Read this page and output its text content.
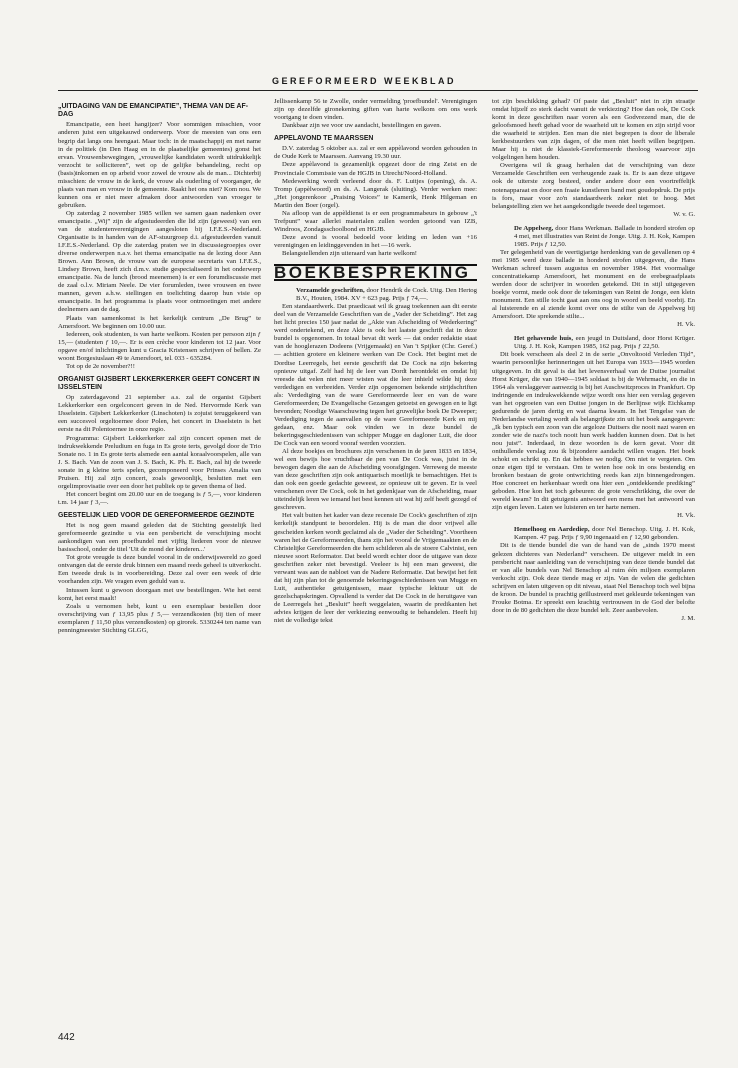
GEREFORMEERD WEEKBLAD
„UITDAGING VAN DE EMANCIPATIE”, THEMA VAN DE AF-DAG

Emancipatie, een heet hangijzer? Voor sommigen misschien, voor anderen juist een uitgekauwd onderwerp. Voor de meesten van ons een begrip dat langs ons heengaat. Maar toch: in de maatschappij en met name in de politiek (in Den Haag en in de plaatselijke gemeentes) gonst het ervan. Vrouwenbewegingen, „vrouwelijke kandidaten wordt uitdrukkelijk verzocht te solliciteren”, wet op de gelijke behandeling, recht op (basis)inkomen en op arbeid voor zowel de vrouw als de man... Dichterbij misschien: de vrouw in de kerk, de vrouw als ouderling of voorganger, de plaats van man en vrouw in de gemeente. Raakt het ons niet? Kom nou. We kunnen ons er niet meer afmaken door antwoorden van vroeger te gebruiken.

Op zaterdag 2 november 1985 willen we samen gaan nadenken over emancipatie. „Wij” zijn de afgestudeerden die lid zijn (geweest) van een van de studentenverenigingen aangesloten bij I.F.E.S.-Nederland. Organisatie is in handen van de AF-stuurgroep d.i. afgestudeerden vanuit I.F.E.S.-Nederland. Op die zaterdag praten we in discussiegroepjes over diverse onderwerpen n.a.v. het thema emancipatie na de lezing door Ann Brown. Ann Brown, de vrouw van de europese secretaris van I.F.E.S., Lindsey Brown, heeft zich d.m.v. studie gespecialiseerd in het onderwerp emancipatie. Na de lunch (brood meenemen) is er een forumdiscussie met de zaal o.l.v. Miriam Neele. De vier forumleden, twee vrouwen en twee mannen, geven a.h.w. stellingen en toelichting daarop hun visie op emancipatie. In het programma is plaats voor ontmoetingen met andere deelnemers aan de dag.

Plaats van samenkomst is het kerkelijk centrum „De Brug” te Amersfoort. We beginnen om 10.00 uur.

Iedereen, ook studenten, is van harte welkom. Kosten per persoon zijn ƒ 15,— (studenten ƒ 10,—. Er is een crèche voor kinderen tot 12 jaar. Voor opgave en/of inlichtingen kunt u Gracia Kristensen schrijven of bellen. Ze woont Borgesiuslaan 49 te Amersfoort, tel. 033 - 635284.

Tot op de 2e november?!!

ORGANIST GIJSBERT LEKKERKERKER GEEFT CONCERT IN IJSSELSTEIN

Op zaterdagavond 21 september a.s. zal de organist Gijsbert Lekkerkerker een orgelconcert geven in de Ned. Hervormde Kerk van IJsselstein. Gijsbert Lekkerkerker (Linschoten) is zojuist teruggekeerd van een succesvol orgeltoernee door Polen, het concert in IJsselstein is het eerste na dit Polentoernee in onze regio.

Programma: Gijsbert Lekkerkerker zal zijn concert openen met de indrukwekkende Preludium en fuga in Es grote terts, gevolgd door de Trio Sonate no. 1 in Es grote terts alsmede een aantal koraalvoorspelen, alle van J. S. Bach. Van de zoon van J. S. Bach, K. Ph. E. Bach, zal hij de tweede sonate in g kleine terts spelen, gecomponeerd voor Prinses Amalia van Pruisen. Hij zal zijn concert, zoals gewoonlijk, besluiten met een orgelimprovisatie over een door het publiek op te geven thema of lied.

Het concert begint om 20.00 uur en de toegang is ƒ 5,—, voor kinderen t.m. 14 jaar ƒ 3,—.

GEESTELIJK LIED VOOR DE GEREFORMEERDE GEZINDTE

Het is nog geen maand geleden dat de Stichting geestelijk lied gereformeerde gezindte u via een persbericht de verschijning mocht aankondigen van een proefbundel met vijftig liederen voor de nieuwe basisschool, onder de titel 'Uit de mond der kinderen...'

Tot grote vreugde is deze bundel vooral in de onderwijswereld zo goed ontvangen dat de eerste druk binnen een maand reeds geheel is uitverkocht. Een tweede druk is in voorbereiding. Deze zal over een week of drie voorhanden zijn. We vragen even geduld van u.

Intussen kunt u gewoon doorgaan met uw bestellingen. Wie het eerst komt, het eerst maalt!

Zoals u vernomen hebt, kunt u een exemplaar bestellen door overschrijving van ƒ 13,95 plus ƒ 5,— verzendkosten (bij tien of meer exemplaren ƒ 11,50 plus verzendkosten) op girorek. 5330244 ten name van penningmeester Stichting GLGG,

Jellissenkamp 56 te Zwolle, onder vermelding 'proefbundel'. Verenigingen zijn op dezelfde gironekening giften van harte welkom om ons werk voortgang te doen vinden.

Dankbaar zijn we voor uw aandacht, bestellingen en gaven.

APPELAVOND TE MAARSSEN

D.V. zaterdag 5 oktober a.s. zal er een appèlavond worden gehouden in de Oude Kerk te Maarssen. Aanvang 19.30 uur.

Deze appèlavond is gezamenlijk opgezet door de ring Zeist en de Provinciale Commissie van de HGJB in Utrecht/Noord-Holland.

Medewerking wordt verleend door ds. F. Luitjes (opening), ds. A. Tromp (appèlwoord) en ds. A. Langerak (sluiting). Verder werken mee: „Het jongerenkoor „Praising Voices” te Kamerik, Henk Hilgeman en Martin den Boer (orgel).

Na afloop van de appèldienst is er een programmabeurs in gebouw „'t Trefpunt” waar allerlei materialen zullen worden getoond van IZB, Windroos, Zondagsschoolbond en HGJB.

Deze avond is vooral bedoeld voor leiding en leden van +16 verenigingen en leidinggevenden in het —16 werk.

Belangstellenden zijn uiteraard van harte welkom!

BOEKBESPREKING

Verzamelde geschriften, door Hendrik de Cock. Uitg. Den Hertog B.V., Houten, 1984. XV + 623 pag. Prijs ƒ 74,—.

Een standaardwerk. Dat praedicaat wil ik graag toekennen aan dit eerste deel van de Verzamelde Geschriften van de „Vader der Scheiding”. Het zag het licht precies 150 jaar nadat de „Akte van Afscheiding of Wederkering” werd ondertekend, en deze Akte is ook het laatste geschrift dat in deze bundel is opgenomen. In totaal bevat dit werk — dat onder redaktie staat van de hooglerazen Dodeens (Vrijgemaakt) en Van 't Spijker (Chr. Geref.) — achttien grotere en kleinere werken van De Cock. Het begint met de Dordtse Leerregels, het eerste geschrift dat De Cock na zijn bekering opnieuw uitgaf. Zelf had hij de leer van Dordt herontdekt en omdat hij vreesde dat velen niet meer wisten wat die leer inhield wilde hij deze verdedigen en verbreiden. Verder zijn opgenomen bekende strijdschriften als: Verdediging van de ware Gereformeerde leer en van de ware Gereformeerden; De Evangelische Gezangen getoetst en gewogen en te ligt bevonden; Noodige Waarschuwing tegen het gruwelijke boek De Dweeper; Verdediging tegen de aanvallen op de ware Gereformeerde Kerk en mij gedaan, enz. Maar ook vinden we in deze bundel de bekeringsgeschiedenissen van schipper Mugge en dagloner Luit, die door De Cock van een woord vooraf werden voorzien.

Al deze boekjes en brochures zijn verschenen in de jaren 1833 en 1834, wel een bewijs hoe vruchtbaar de pen van De Cock was, juist in de bewogen dagen die aan de Afscheiding voorafgingen. Verreweg de meeste van deze geschriften zijn ook antiquarisch moeilijk te bemachtigen. Het is dan ook een goede gedachte geweest, ze opnieuw uit te geven. Er is veel verschenen over De Cock, ook in het gedenkjaar van de Afscheiding, maar uiteindelijk leren we iemand het best kennen uit wat hij zelf heeft gezegd of geschreven.

Het valt buiten het kader van deze recensie De Cock's geschriften of zijn kerkelijk standpunt te beoordelen. Hij is de man die door vrijwel alle gescheiden kerken wordt geclaimd als de „Vader der Scheiding”. Voortheen waren het de Gereformeerden, thans zijn het vooral de Vrijgemaakten en de Christelijke Gereformeerden die hem schilderen als de stoere Calvinist, een nieuwe soort Reformator. Dat beeld wordt echter door de uitgave van deze geschriften zeker niet bevestigd. Veeleer is hij een man geweest, die verwant was aan de nabloei van de Nadere Reformatie. Dat bewijst het feit dat hij zijn plan tot de genoemde bekeringsgeschiedenissen van Mugge en Luit, authentieke getuigenissen, maar typische lektuur uit de gezelschapskringen. Opvallend is verder dat De Cock in de heruitgave van de Leerregels het „Besluit” heeft weggelaten, waarin de predikanten het advies krijgen de leer der verkiezing eenwoudig te behandelen. Heeft hij niet de volledige tekst

tot zijn beschikking gehad? Of paste dat „Besluit” niet in zijn straatje omdat hijzelf zo sterk dacht vanuit de verkiezing? Hoe dan ook, De Cock komt in deze geschriften naar voren als een Godvrezend man, die de geloofsmoed heeft gehad voor de waarheid uit te komen en zijn strijd voor die waarheid te strijden. Een man die niet begrepen is door de liberale kerkbestuurders van zijn dagen, of die men niet heeft willen begrijpen. Maar hij is niet de klassiek-Gereformeerde theoloog waarvoor zijn volgelingen hem houden.

Overigens wil ik graag herhalen dat de verschijning van deze Verzamelde Geschriften een verheugende zaak is. Er is aan deze uitgave ook de uiterste zorg besteed, onder andere door een voortreffelijk notenapparaat en door een fraaie kunstleren band met goudopdruk. De prijs is fors, maar voor zo'n standaardwerk zeker niet te hoog. Met belangstelling zien we het aangekondigde tweede deel tegemoet.

W. v. G.

De Appelweg, door Hans Werkman. Ballade in honderd strofen op 4 mei, met illustraties van Reint de Jonge. Uitg. J. H. Kok, Kampen 1985. Prijs ƒ 12,50.

Ter gelegenheid van de veertigjarige herdenking van de gevallenen op 4 mei 1985 werd deze ballade in honderd strofen uitgegeven, die Hans Werkman schreef tussen augustus en november 1984. Het voormalige concentratiekamp Amersfoort, het monument en de erebegraafplaats werden door de schrijver in woorden getekend. Dit in stijl uitgegeven boekje vormt, mede ook door de tekeningen van Reint de Jonge, een klein monument. Een stille tocht gaat aan ons oog in woord en beeld voorbij. En al luisterende en al ziende komt over ons de stilte van de Appelweg bij Amersfoort. Die sprekende stilte...

H. Vk.

Het gehavende huis, een jeugd in Duitsland, door Horst Krüger. Uitg. J. H. Kok, Kampen 1985, 162 pag. Prijs ƒ 22,50.

Dit boek verscheen als deel 2 in de serie „Onvoltooid Verleden Tijd”, waarin persoonlijke herinneringen uit het Europa van 1933—1945 worden uitgegeven. In dit geval is dat het levensverhaal van de Duitse journalist Horst Krüger, die van 1940—1945 soldaat is bij de Wehrmacht, en die in 1964 als verslaggever aanwezig is bij het Auschwitzproces in Frankfurt. Op indringende en indrukwekkende wijze wordt ons hier een verslag gegeven van het opgroeien van een Duitse jongen in de Berlijnse wijk Eichkamp gedurende de jaren dertig en wat daarna kwam. In het Tengelse van de Nederlandse vertaling wordt als belangrijkste zin uit het boek aangegeven: „Ik ben typisch een zoon van die argeloze Duitsers die nooit nazi waren en zonder wie de nazi's toch nooit hun werk hadden kunnen doen. Dat is het nou juist”. Inderdaad, in deze woorden is de kern gevat. Voor dit onthullende verslag zou ik bijzondere aandacht willen vragen. Het boek schokt en schrikt op. En dat hebben we nodig. Om niet te vergeten. Om onze eigen tijd te verstaan. Om te weten hoe ook in ons bestendig en bronken bestaan de grote ontwrichting reeds kan zijn binnengedrongen. Hoe concreet en herkenbaar wordt ons hier een „ontdekkende prediking” geboden. Hoe kon het toch gebeuren: de grote verschrikking, die over de wereld kwam? In dit getuigenis antwoord een mens met het antwoord van zijn eigen leven. Laten we luisteren en ter harte nemen.

H. Vk.

Hemelhoog en Aardediep, door Nel Benschop. Uitg. J. H. Kok, Kampen. 47 pag. Prijs ƒ 9,90 ingenaaid en ƒ 12,90 gebonden.

Dit is de tiende bundel die van de hand van de „sinds 1970 meest gelezen dichteres van Nederland” verscheen. De uitgever meldt in een persbericht naar aanleiding van de verschijning van deze tiende bundel dat er van alle bundels van Nel Benschop al ruim één miljoen exemplaren verkocht zijn. Ook deze tiende mag er zijn. Van de velen die gedichten schrijven en laten uitgeven op dit niveau, staat Nel Benschop toch wel bijna de kroon. De bundel is prachtig geïllustreerd met gekleurde tekeningen van Frouke Botma. Er spreekt een krachtig vertrouwen in de God der belofte door in de 80 gedichten die deze bundel telt. Zeer aanbevolen.

J. M.

442
